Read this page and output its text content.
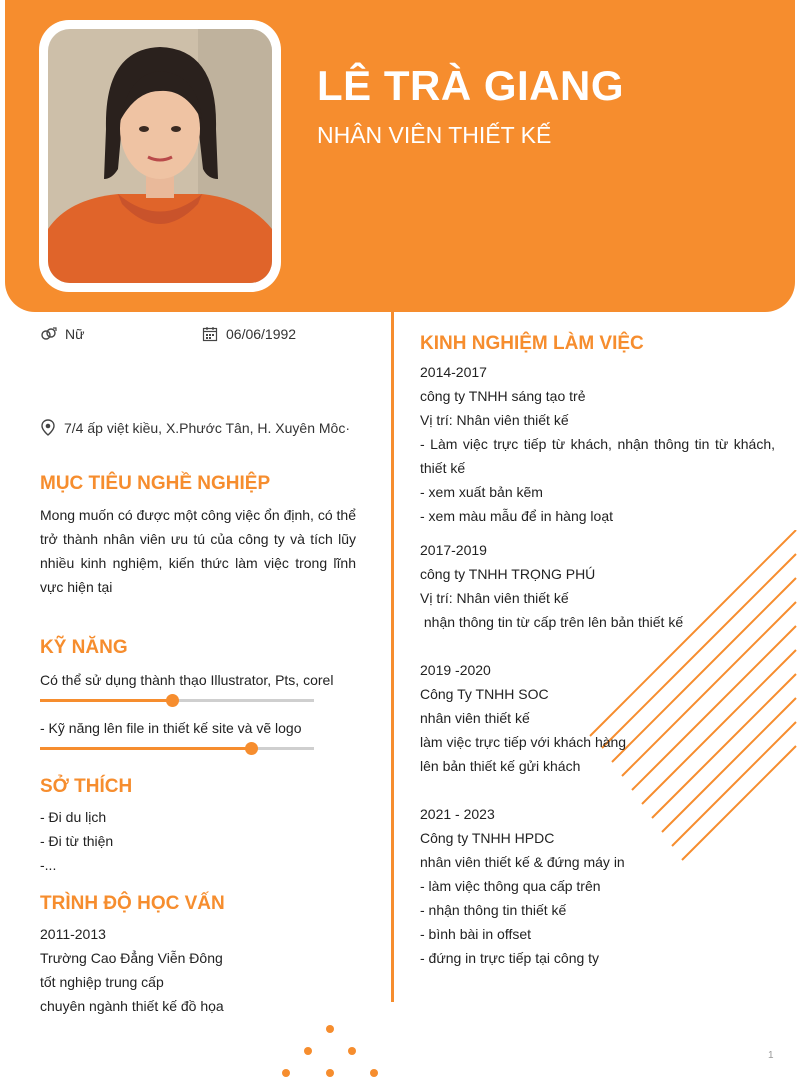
LÊ TRÀ GIANG
NHÂN VIÊN THIẾT KẾ
Nữ	06/06/1992
7/4 ấp việt kiều, X.Phước Tân, H. Xuyên Môc·
MỤC TIÊU NGHỀ NGHIỆP
Mong muốn có được một công việc ổn định, có thể trở thành nhân viên ưu tú của công ty và tích lũy nhiều kinh nghiệm, kiến thức làm việc trong lĩnh vực hiện tại
KỸ NĂNG
Có thể sử dụng thành thạo Illustrator, Pts, corel
- Kỹ năng lên file in thiết kế site và vẽ logo
SỞ THÍCH
- Đi du lịch
- Đi từ thiện
-...
TRÌNH ĐỘ HỌC VẤN
2011-2013
Trường Cao Đẳng Viễn Đông
tốt nghiệp trung cấp
chuyên ngành thiết kế đồ họa
KINH NGHIỆM LÀM VIỆC
2014-2017
công ty TNHH sáng tạo trẻ
Vị trí: Nhân viên thiết kế
- Làm việc trực tiếp từ khách, nhận thông tin từ khách, thiết kế
- xem xuất bản kẽm
- xem màu mẫu để in hàng loạt
2017-2019
công ty TNHH TRỌNG PHÚ
Vị trí: Nhân viên thiết kế
nhận thông tin từ cấp trên lên bản thiết kế
2019 -2020
Công Ty TNHH SOC
nhân viên thiết kế
làm việc trực tiếp với khách hàng
lên bản thiết kế gửi khách
2021 - 2023
Công ty TNHH HPDC
nhân viên thiết kế & đứng máy in
- làm việc thông qua cấp trên
- nhận thông tin thiết kế
- bình bài in offset
- đứng in trực tiếp tại công ty
1
